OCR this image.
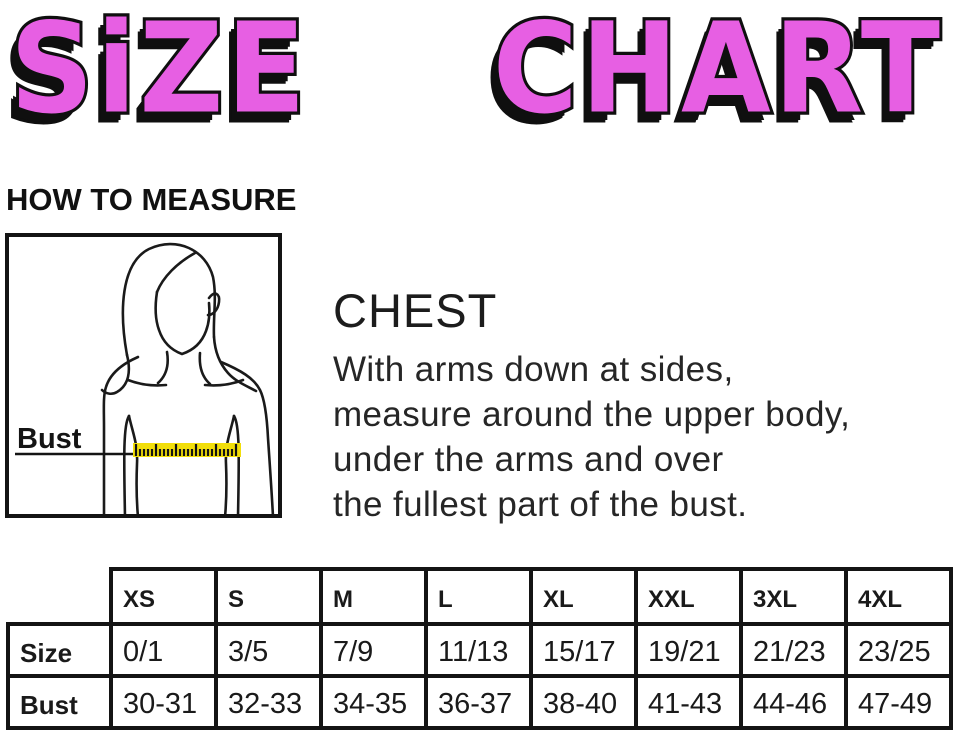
SiZE CHART
HOW TO MEASURE
Bust
CHEST
With arms down at sides,
measure around the upper body,
under the arms and over
the fullest part of the bust.
	XS	S	M	L	XL	XXL	3XL	4XL
Size	0/1	3/5	7/9	11/13	15/17	19/21	21/23	23/25
Bust	30-31	32-33	34-35	36-37	38-40	41-43	44-46	47-49
